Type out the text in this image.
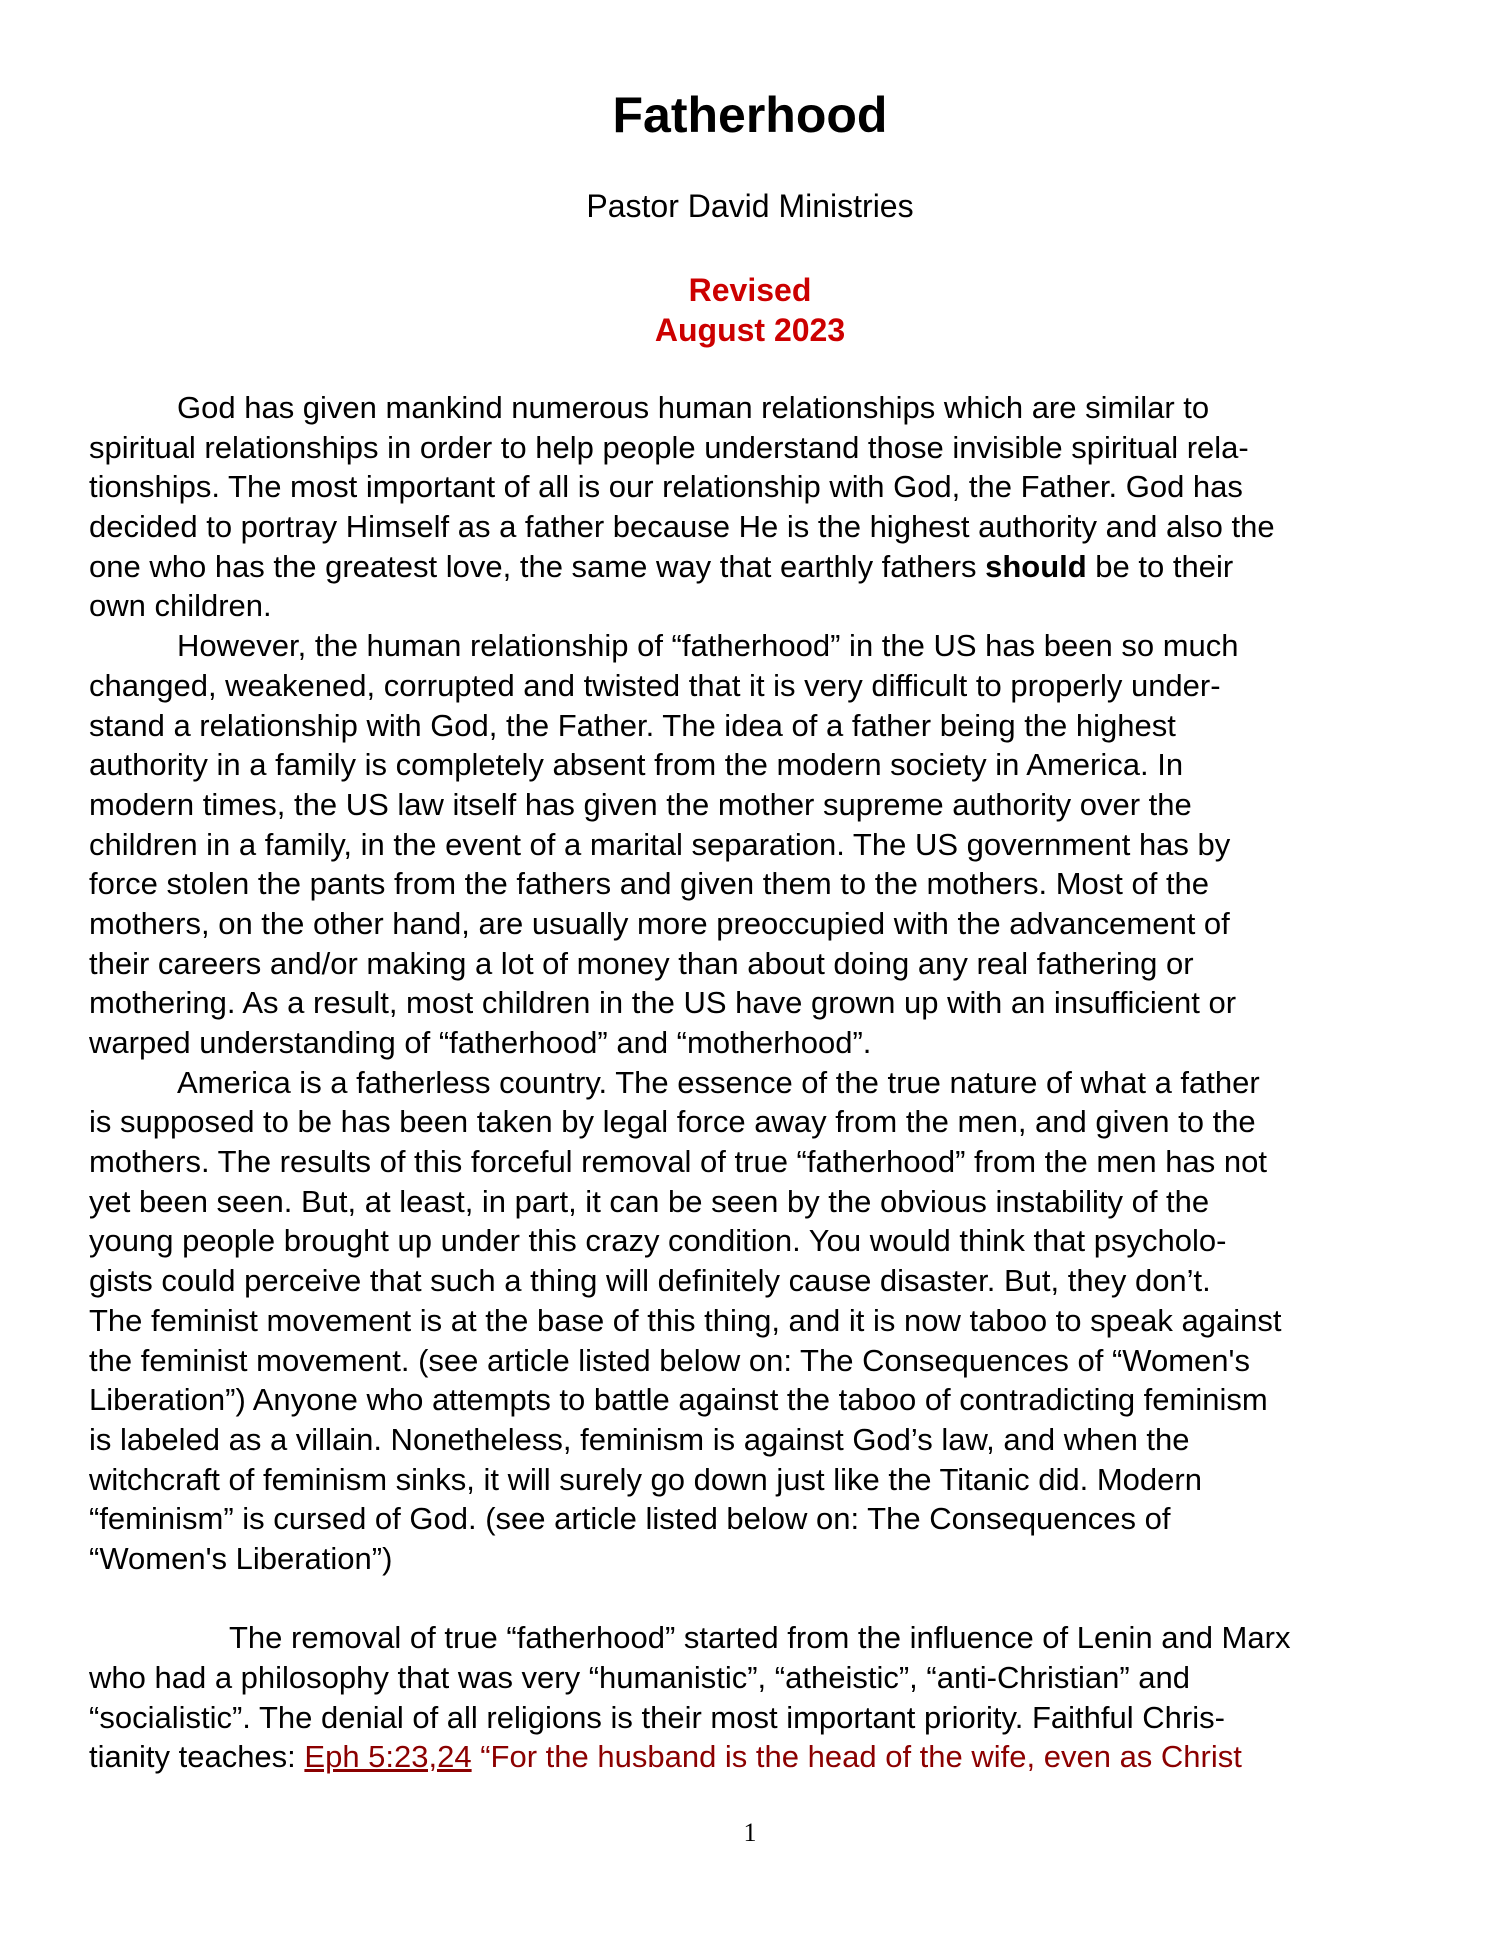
Fatherhood

Pastor David Ministries

Revised
August 2023

God has given mankind numerous human relationships which are similar to
spiritual relationships in order to help people understand those invisible spiritual rela-
tionships. The most important of all is our relationship with God, the Father. God has
decided to portray Himself as a father because He is the highest authority and also the
one who has the greatest love, the same way that earthly fathers should be to their
own children.
However, the human relationship of “fatherhood” in the US has been so much
changed, weakened, corrupted and twisted that it is very difficult to properly under-
stand a relationship with God, the Father. The idea of a father being the highest
authority in a family is completely absent from the modern society in America. In
modern times, the US law itself has given the mother supreme authority over the
children in a family, in the event of a marital separation. The US government has by
force stolen the pants from the fathers and given them to the mothers. Most of the
mothers, on the other hand, are usually more preoccupied with the advancement of
their careers and/or making a lot of money than about doing any real fathering or
mothering. As a result, most children in the US have grown up with an insufficient or
warped understanding of “fatherhood” and “motherhood”.
America is a fatherless country. The essence of the true nature of what a father
is supposed to be has been taken by legal force away from the men, and given to the
mothers. The results of this forceful removal of true “fatherhood” from the men has not
yet been seen. But, at least, in part, it can be seen by the obvious instability of the
young people brought up under this crazy condition. You would think that psycholo-
gists could perceive that such a thing will definitely cause disaster. But, they don’t.
The feminist movement is at the base of this thing, and it is now taboo to speak against
the feminist movement. (see article listed below on: The Consequences of “Women's
Liberation”) Anyone who attempts to battle against the taboo of contradicting feminism
is labeled as a villain. Nonetheless, feminism is against God’s law, and when the
witchcraft of feminism sinks, it will surely go down just like the Titanic did. Modern
“feminism” is cursed of God. (see article listed below on: The Consequences of
“Women's Liberation”)
The removal of true “fatherhood” started from the influence of Lenin and Marx
who had a philosophy that was very “humanistic”, “atheistic”, “anti-Christian” and
“socialistic”. The denial of all religions is their most important priority. Faithful Chris-
tianity teaches: Eph 5:23,24 “For the husband is the head of the wife, even as Christ
1
